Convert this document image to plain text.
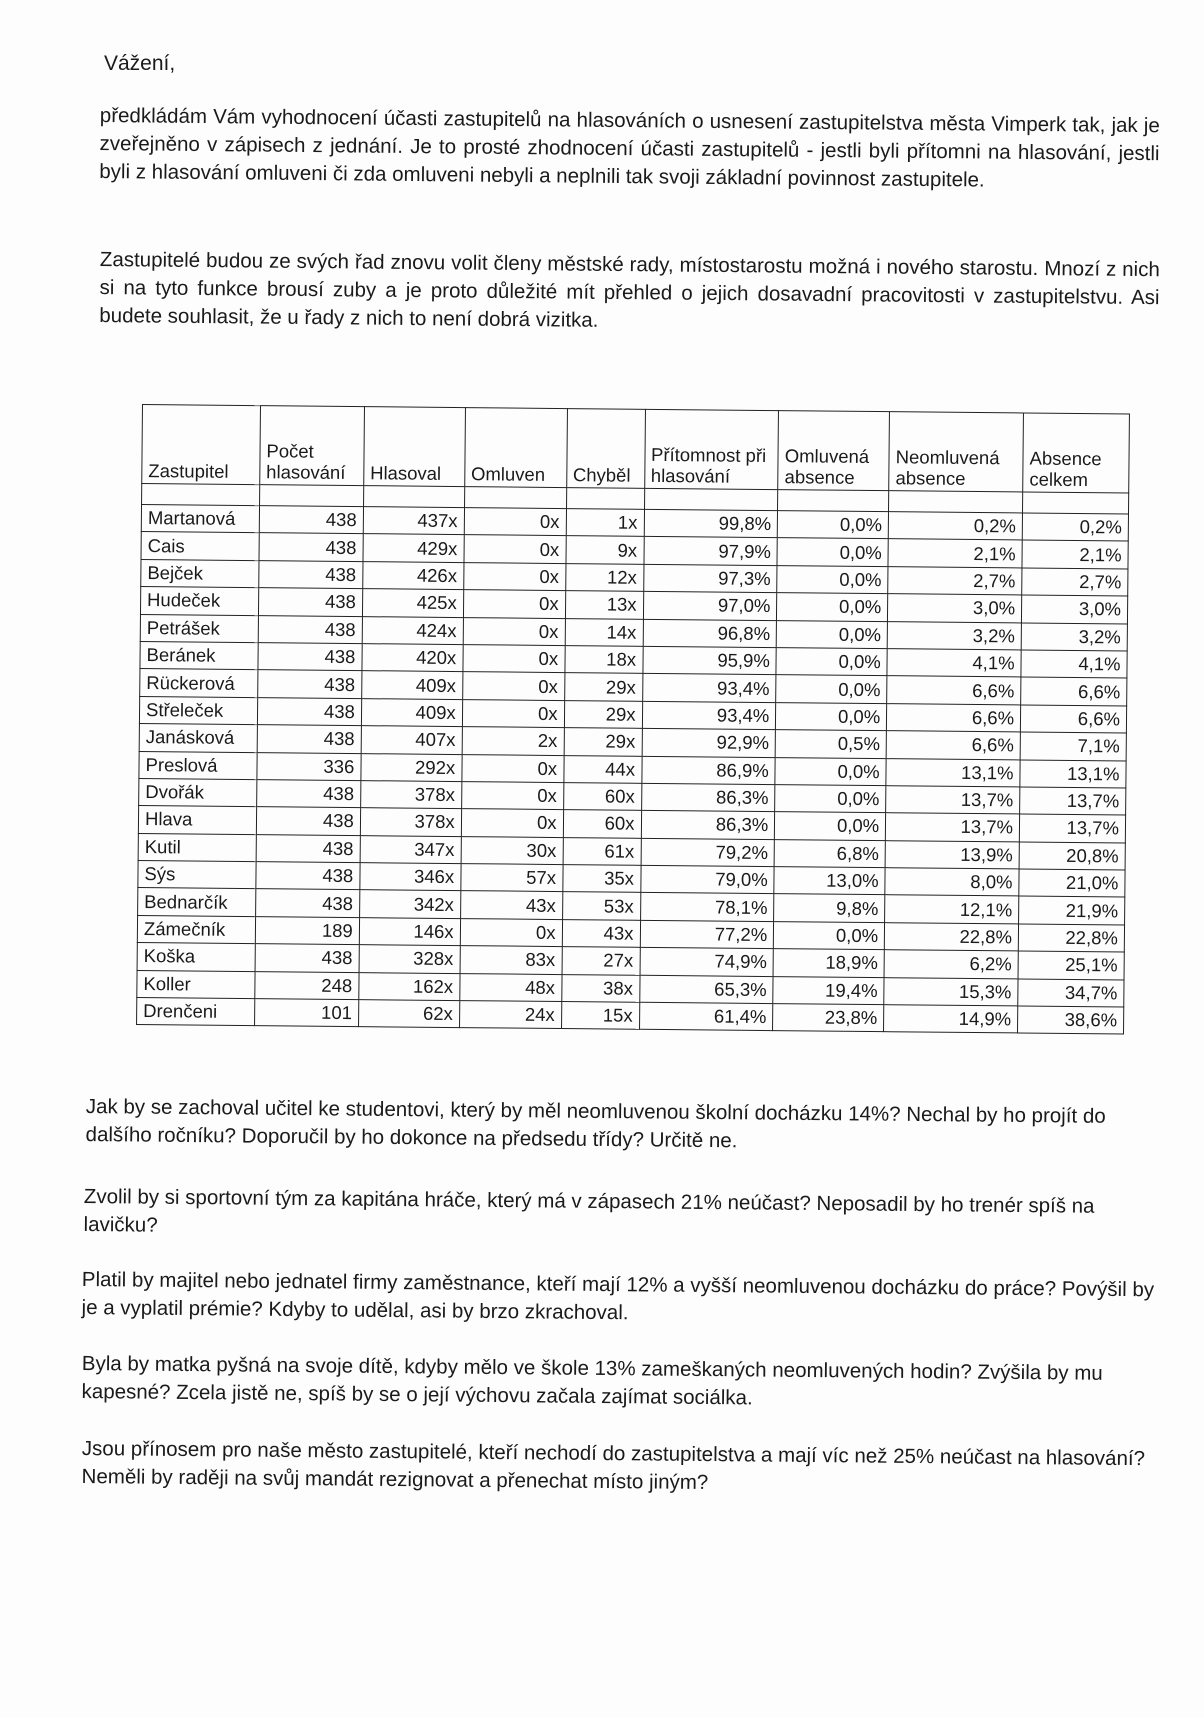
Vážení,
předkládám Vám vyhodnocení účasti zastupitelů na hlasováních o usnesení zastupitelstva města Vimperk tak, jak je zveřejněno v zápisech z jednání. Je to prosté zhodnocení účasti zastupitelů - jestli byli přítomni na hlasování, jestli byli z hlasování omluveni či zda omluveni nebyli a neplnili tak svoji základní povinnost zastupitele.
Zastupitelé budou ze svých řad znovu volit členy městské rady, místostarostu možná i nového starostu. Mnozí z nich si na tyto funkce brousí zuby a je proto důležité mít přehled o jejich dosavadní pracovitosti v zastupitelstvu. Asi budete souhlasit, že u řady z nich to není dobrá vizitka.
Zastupitel	Počet hlasování	Hlasoval	Omluven	Chyběl	Přítomnost při hlasování	Omluvená absence	Neomluvená absence	Absence celkem

Martanová	438	437x	0x	1x	99,8%	0,0%	0,2%	0,2%
Cais	438	429x	0x	9x	97,9%	0,0%	2,1%	2,1%
Bejček	438	426x	0x	12x	97,3%	0,0%	2,7%	2,7%
Hudeček	438	425x	0x	13x	97,0%	0,0%	3,0%	3,0%
Petrášek	438	424x	0x	14x	96,8%	0,0%	3,2%	3,2%
Beránek	438	420x	0x	18x	95,9%	0,0%	4,1%	4,1%
Rückerová	438	409x	0x	29x	93,4%	0,0%	6,6%	6,6%
Střeleček	438	409x	0x	29x	93,4%	0,0%	6,6%	6,6%
Janásková	438	407x	2x	29x	92,9%	0,5%	6,6%	7,1%
Preslová	336	292x	0x	44x	86,9%	0,0%	13,1%	13,1%
Dvořák	438	378x	0x	60x	86,3%	0,0%	13,7%	13,7%
Hlava	438	378x	0x	60x	86,3%	0,0%	13,7%	13,7%
Kutil	438	347x	30x	61x	79,2%	6,8%	13,9%	20,8%
Sýs	438	346x	57x	35x	79,0%	13,0%	8,0%	21,0%
Bednarčík	438	342x	43x	53x	78,1%	9,8%	12,1%	21,9%
Zámečník	189	146x	0x	43x	77,2%	0,0%	22,8%	22,8%
Koška	438	328x	83x	27x	74,9%	18,9%	6,2%	25,1%
Koller	248	162x	48x	38x	65,3%	19,4%	15,3%	34,7%
Drenčeni	101	62x	24x	15x	61,4%	23,8%	14,9%	38,6%
Jak by se zachoval učitel ke studentovi, který by měl neomluvenou školní docházku 14%? Nechal by ho projít do dalšího ročníku? Doporučil by ho dokonce na předsedu třídy? Určitě ne.
Zvolil by si sportovní tým za kapitána hráče, který má v zápasech 21% neúčast? Neposadil by ho trenér spíš na lavičku?
Platil by majitel nebo jednatel firmy zaměstnance, kteří mají 12% a vyšší neomluvenou docházku do práce? Povýšil by je a vyplatil prémie? Kdyby to udělal, asi by brzo zkrachoval.
Byla by matka pyšná na svoje dítě, kdyby mělo ve škole 13% zameškaných neomluvených hodin? Zvýšila by mu kapesné? Zcela jistě ne, spíš by se o její výchovu začala zajímat sociálka.
Jsou přínosem pro naše město zastupitelé, kteří nechodí do zastupitelstva a mají víc než 25% neúčast na hlasování? Neměli by raději na svůj mandát rezignovat a přenechat místo jiným?
